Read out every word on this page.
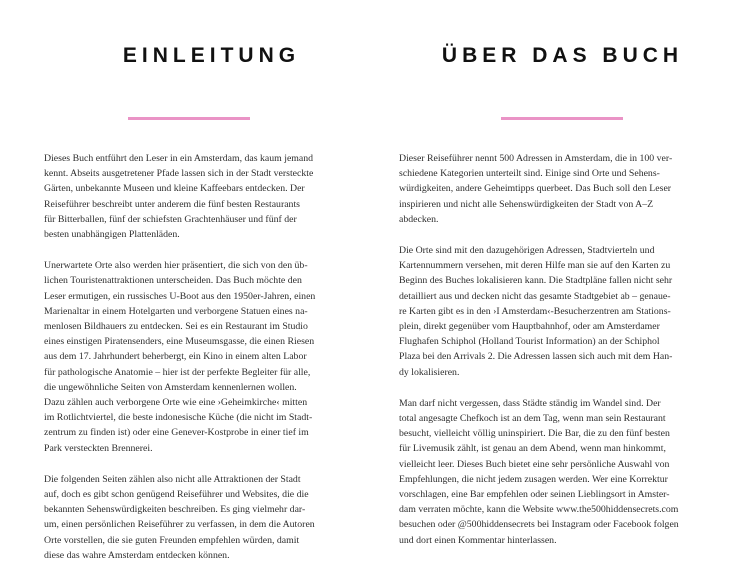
EINLEITUNG

Dieses Buch entführt den Leser in ein Amsterdam, das kaum jemand
kennt. Abseits ausgetretener Pfade lassen sich in der Stadt versteckte
Gärten, unbekannte Museen und kleine Kaffeebars entdecken. Der
Reiseführer beschreibt unter anderem die fünf besten Restaurants
für Bitterballen, fünf der schiefsten Grachtenhäuser und fünf der
besten unabhängigen Plattenläden.

Unerwartete Orte also werden hier präsentiert, die sich von den üb-
lichen Touristenattraktionen unterscheiden. Das Buch möchte den
Leser ermutigen, ein russisches U-Boot aus den 1950er-Jahren, einen
Marienaltar in einem Hotelgarten und verborgene Statuen eines na-
menlosen Bildhauers zu entdecken. Sei es ein Restaurant im Studio
eines einstigen Piratensenders, eine Museumsgasse, die einen Riesen
aus dem 17. Jahrhundert beherbergt, ein Kino in einem alten Labor
für pathologische Anatomie – hier ist der perfekte Begleiter für alle,
die ungewöhnliche Seiten von Amsterdam kennenlernen wollen.
Dazu zählen auch verborgene Orte wie eine ›Geheimkirche‹ mitten
im Rotlichtviertel, die beste indonesische Küche (die nicht im Stadt-
zentrum zu finden ist) oder eine Genever-Kostprobe in einer tief im
Park versteckten Brennerei.

Die folgenden Seiten zählen also nicht alle Attraktionen der Stadt
auf, doch es gibt schon genügend Reiseführer und Websites, die die
bekannten Sehenswürdigkeiten beschreiben. Es ging vielmehr dar-
um, einen persönlichen Reiseführer zu verfassen, in dem die Autoren
Orte vorstellen, die sie guten Freunden empfehlen würden, damit
diese das wahre Amsterdam entdecken können.

ÜBER DAS BUCH

Dieser Reiseführer nennt 500 Adressen in Amsterdam, die in 100 ver-
schiedene Kategorien unterteilt sind. Einige sind Orte und Sehens-
würdigkeiten, andere Geheimtipps querbeet. Das Buch soll den Leser
inspirieren und nicht alle Sehenswürdigkeiten der Stadt von A–Z
abdecken.

Die Orte sind mit den dazugehörigen Adressen, Stadtvierteln und
Kartennummern versehen, mit deren Hilfe man sie auf den Karten zu
Beginn des Buches lokalisieren kann. Die Stadtpläne fallen nicht sehr
detailliert aus und decken nicht das gesamte Stadtgebiet ab – genaue-
re Karten gibt es in den ›I Amsterdam‹-Besucherzentren am Stations-
plein, direkt gegenüber vom Hauptbahnhof, oder am Amsterdamer
Flughafen Schiphol (Holland Tourist Information) an der Schiphol
Plaza bei den Arrivals 2. Die Adressen lassen sich auch mit dem Han-
dy lokalisieren.

Man darf nicht vergessen, dass Städte ständig im Wandel sind. Der
total angesagte Chefkoch ist an dem Tag, wenn man sein Restaurant
besucht, vielleicht völlig uninspiriert. Die Bar, die zu den fünf besten
für Livemusik zählt, ist genau an dem Abend, wenn man hinkommt,
vielleicht leer. Dieses Buch bietet eine sehr persönliche Auswahl von
Empfehlungen, die nicht jedem zusagen werden. Wer eine Korrektur
vorschlagen, eine Bar empfehlen oder seinen Lieblingsort in Amster-
dam verraten möchte, kann die Website www.the500hiddensecrets.com
besuchen oder @500hiddensecrets bei Instagram oder Facebook folgen
und dort einen Kommentar hinterlassen.
